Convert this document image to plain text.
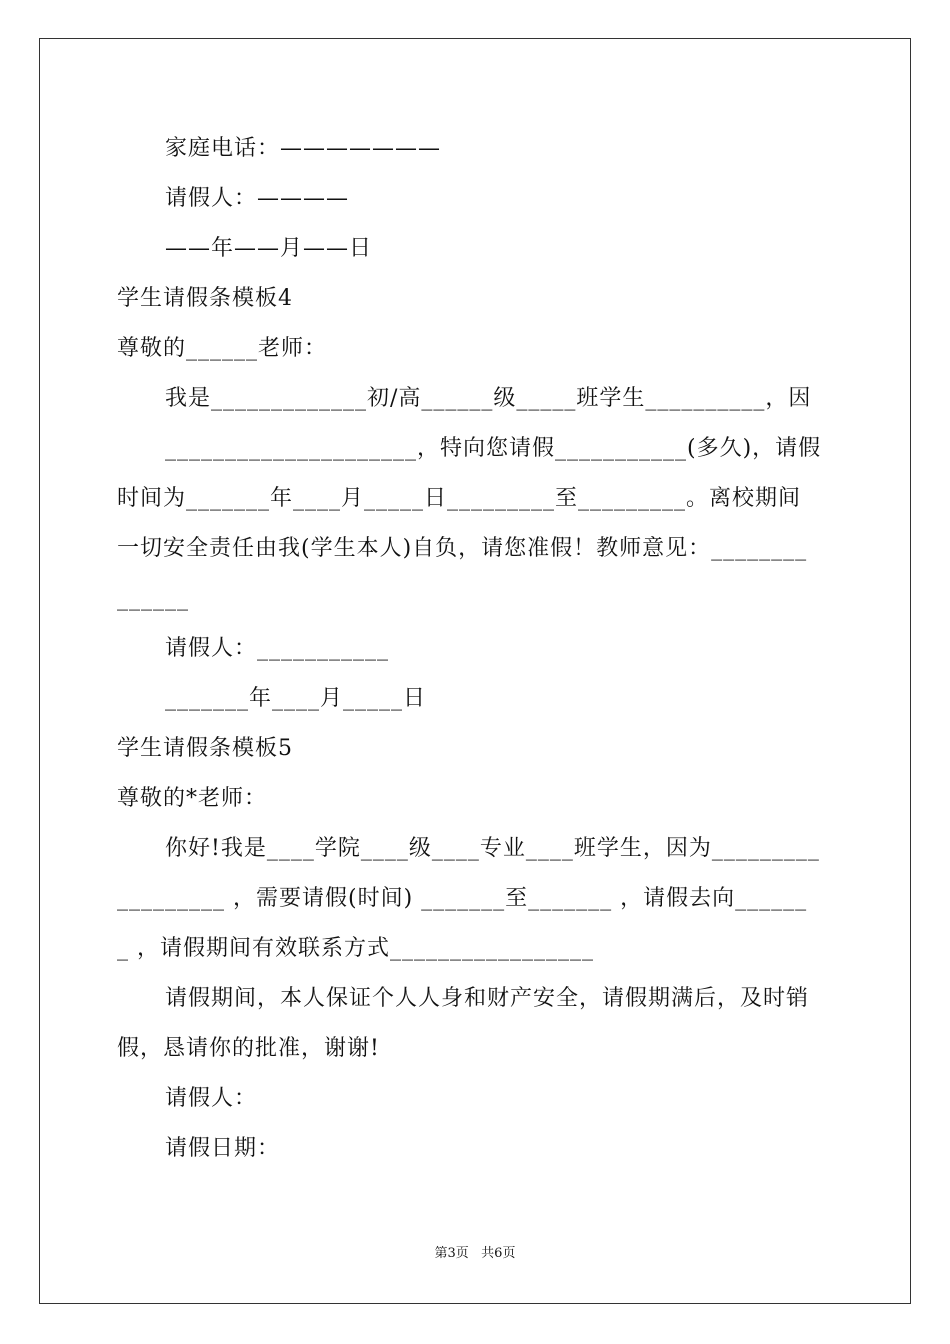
家庭电话：———————
请假人：————
——年——月——日
学生请假条模板4
尊敬的______老师：
我是_____________初/高______级_____班学生__________，因
_____________________，特向您请假___________(多久)，请假
时间为_______年____月_____日_________至_________。离校期间
一切安全责任由我(学生本人)自负，请您准假！教师意见：________
______
请假人：___________
_______年____月_____日
学生请假条模板5
尊敬的*老师：
你好!我是____学院____级____专业____班学生，因为_________
_________ ，需要请假(时间) _______至_______ ，请假去向______
_ ，请假期间有效联系方式_________________
请假期间，本人保证个人人身和财产安全，请假期满后，及时销
假，恳请你的批准，谢谢!
请假人：
请假日期：
第3页   共6页
